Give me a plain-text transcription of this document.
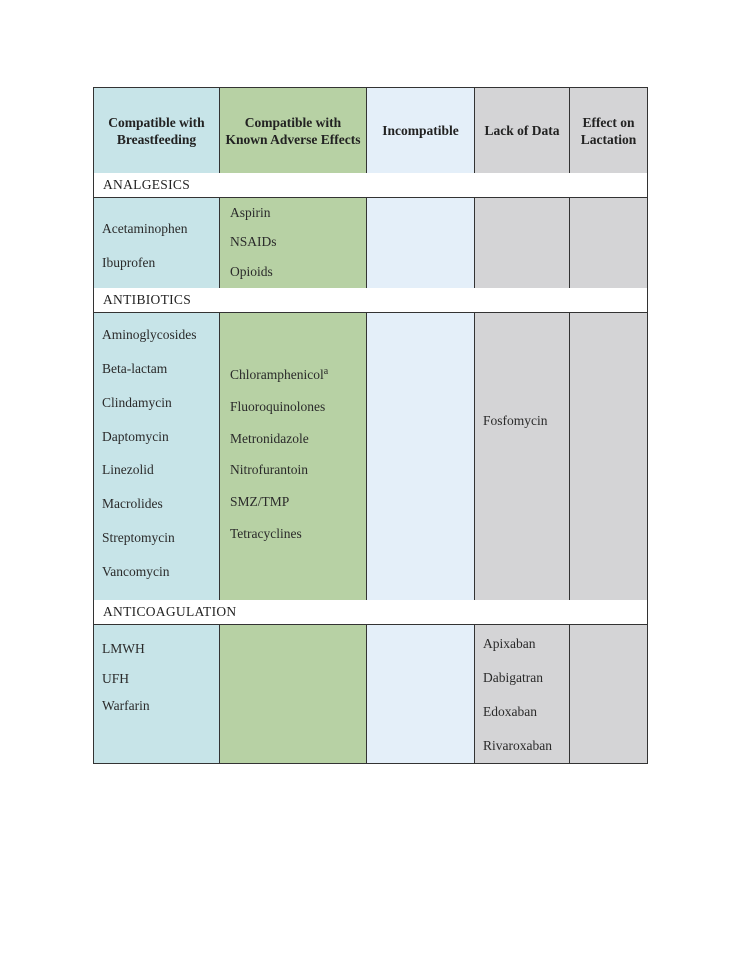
Compatible with Breastfeeding
Compatible with Known Adverse Effects
Incompatible	Lack of Data
Effect on Lactation
ANALGESICS
Acetaminophen
Ibuprofen
Aspirin
NSAIDs
Opioids
ANTIBIOTICS
Aminoglycosides
Beta-lactam
Clindamycin
Daptomycin
Linezolid
Macrolides
Streptomycin
Vancomycin
Chloramphenicol$^a$
Fluoroquinolones
Metronidazole
Nitrofurantoin
SMZ/TMP
Tetracyclines
Fosfomycin
ANTICOAGULATION
LMWH
UFH
Warfarin
Apixaban
Dabigatran
Edoxaban
Rivaroxaban
